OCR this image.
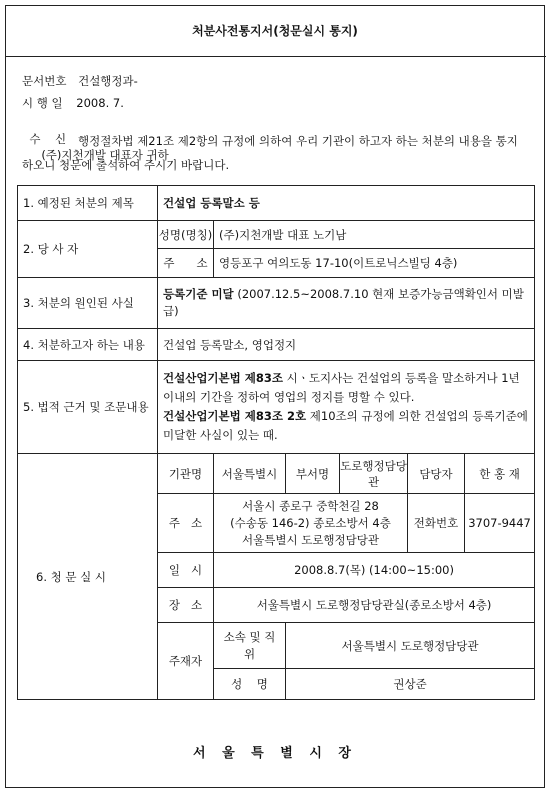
처분사전통지서(청문실시 통지)
문서번호 건설행정과-
시 행 일 2008. 7.

수    신
(주)지천개발 대표자 귀하

행정절차법 제21조 제2항의 규정에 의하여 우리 기관이 하고자 하는 처분의 내용을 통지하오니 청문에 출석하여 주시기 바랍니다.
1. 예정된 처분의 제목	건설업 등록말소 등					
2. 당 사 자	성명(명칭)	(주)지천개발 대표 노기남				
	주      소	영등포구 여의도동 17-10(이트로닉스빌딩 4층)				
3. 처분의 원인된 사실	등록기준 미달 (2007.12.5~2008.7.10 현재 보증가능금액확인서 미발급)					
4. 처분하고자 하는 내용	건설업 등록말소, 영업정지					
5. 법적 근거 및 조문내용	건설산업기본법 제83조 시ㆍ도지사는 건설업의 등록을 말소하거나 1년 이내의 기간을 정하여 영업의 정지를 명할 수 있다.
건설산업기본법 제83조 2호 제10조의 규정에 의한 건설업의 등록기준에 미달한 사실이 있는 때.					
6. 청 문 실 시	기관명	서울특별시	부서명	도로행정담당관	담당자	한 홍 재
	주   소	서울시 종로구 중학천길 28
(수송동 146-2) 종로소방서 4층
서울특별시 도로행정담당관			전화번호	3707-9447
	일   시	2008.8.7(목) (14:00~15:00)				
	장   소	서울특별시 도로행정담당관실(종로소방서 4층)				
	주재자	소속 및 직위	서울특별시 도로행정담당관			
		성    명	권상준			
서 울 특 별 시 장
